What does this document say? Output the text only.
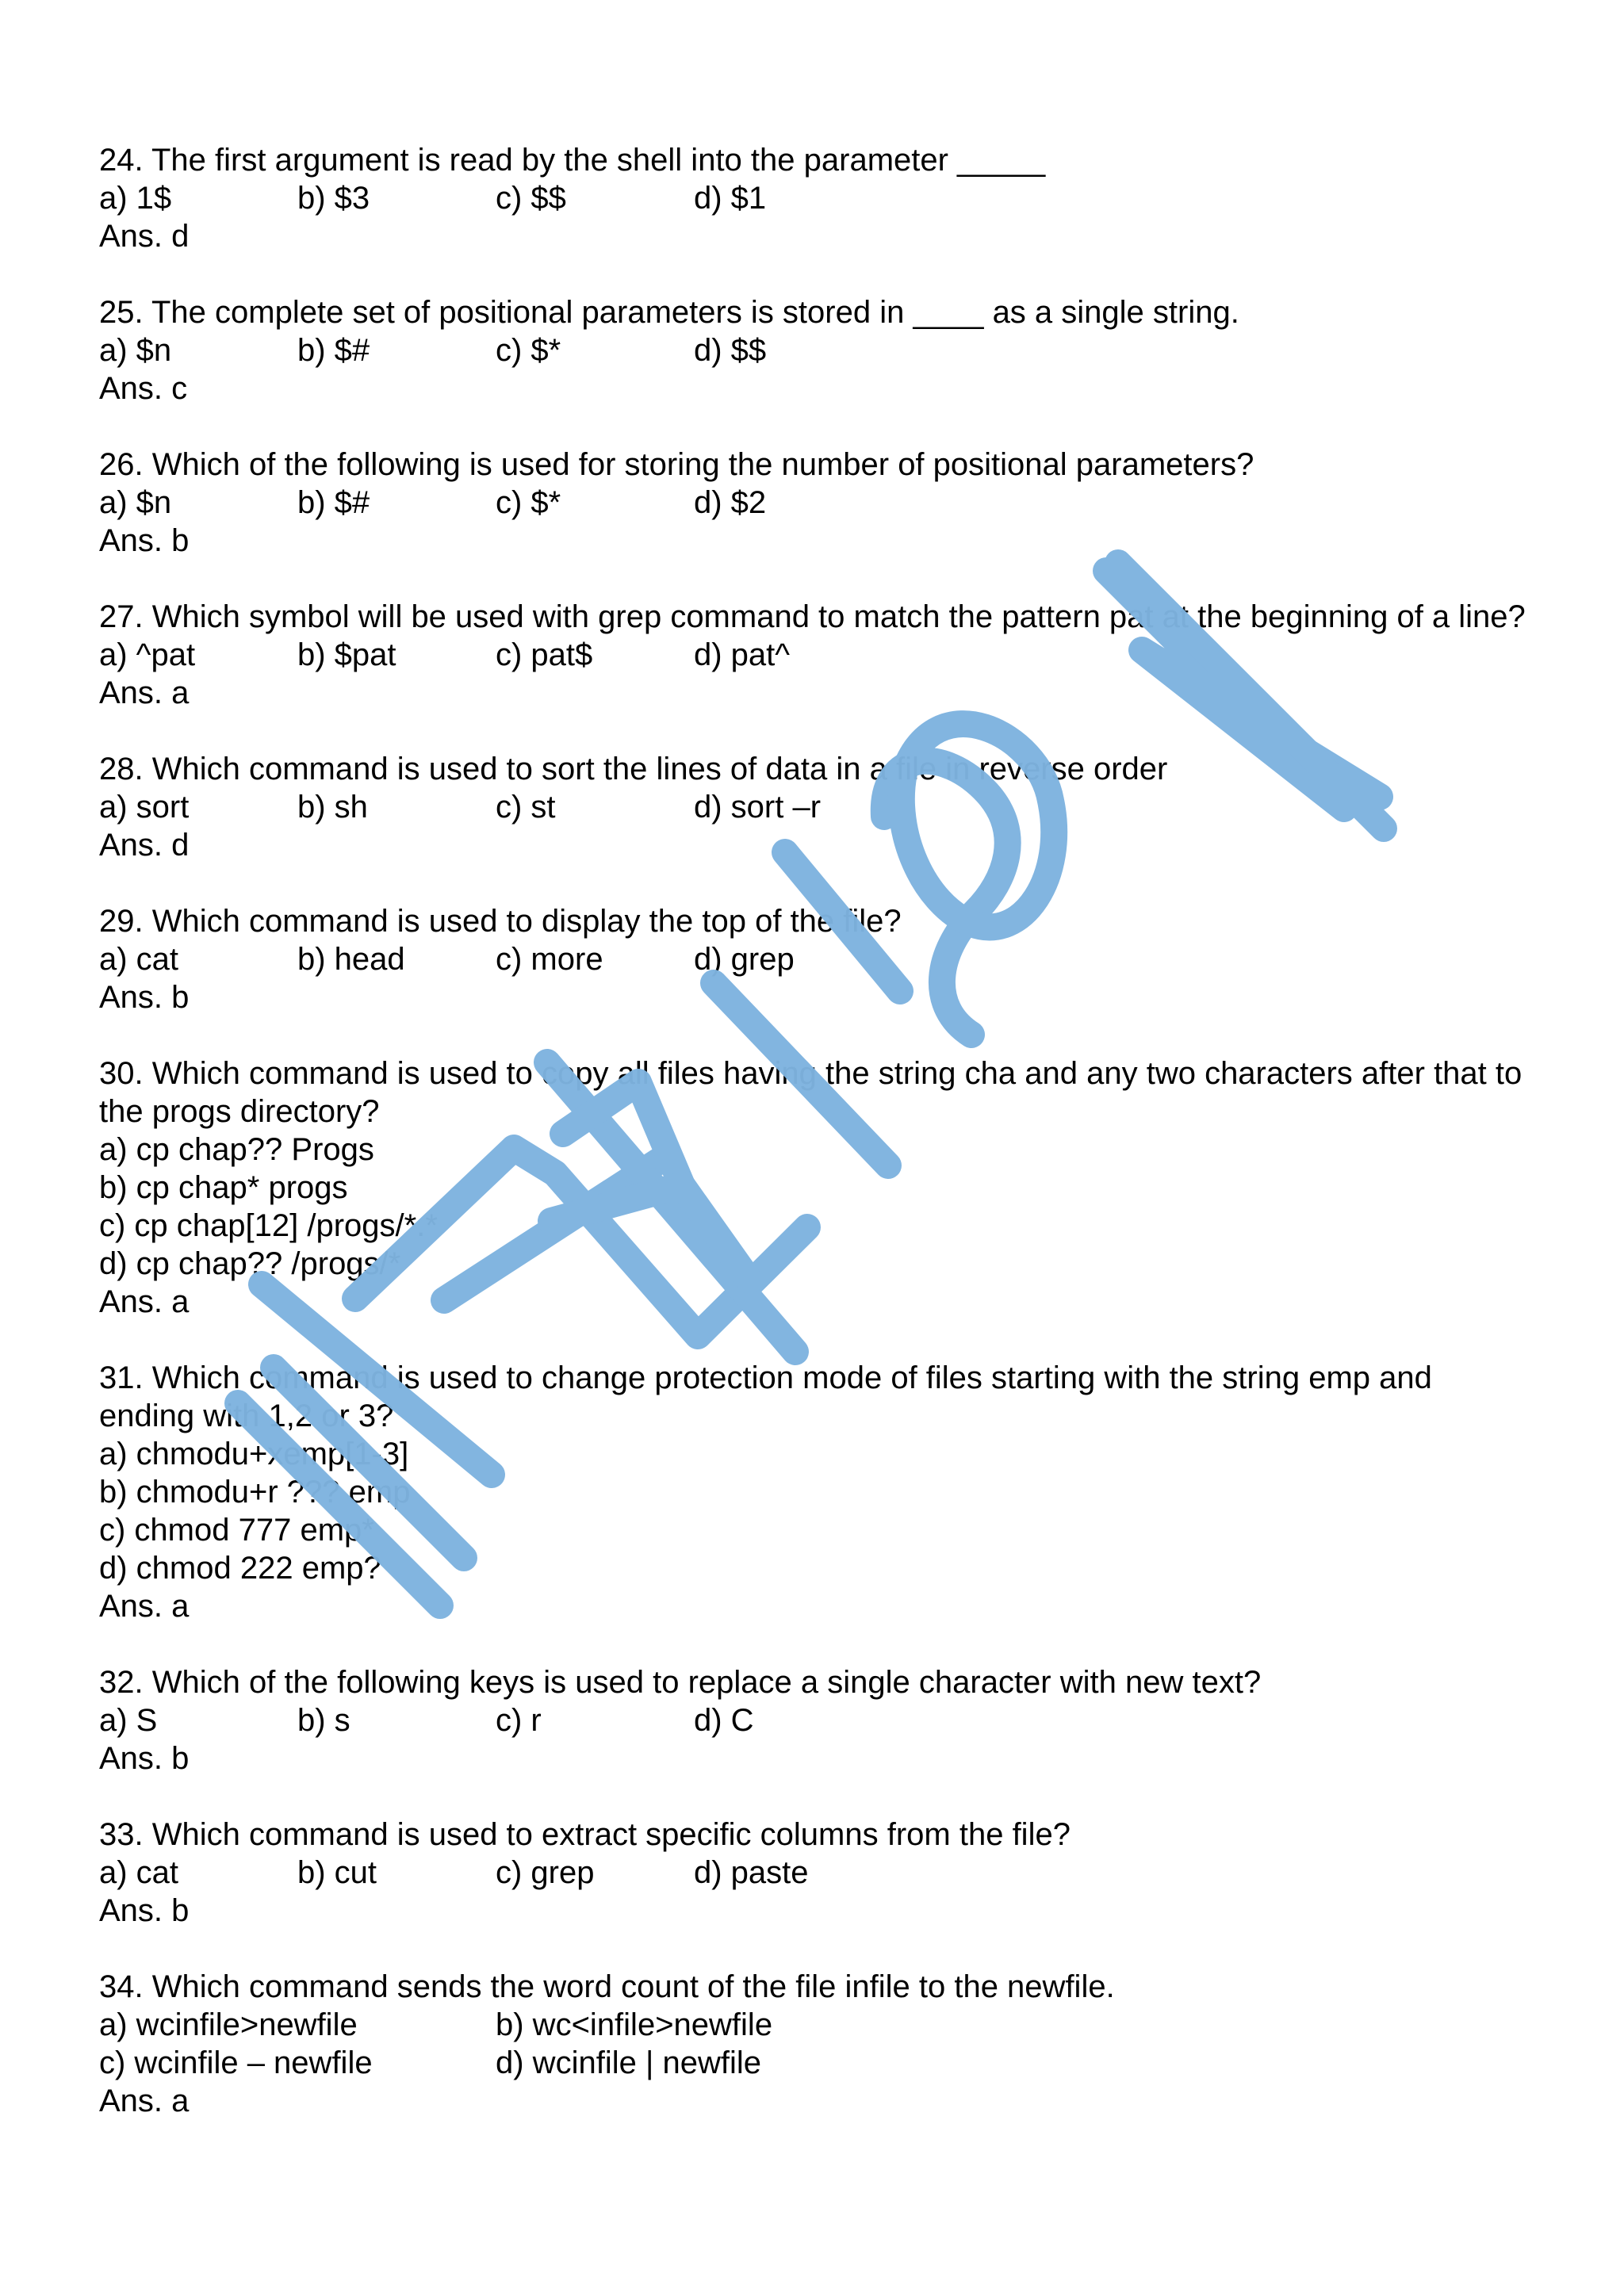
24. The first argument is read by the shell into the parameter _____
a) 1$	b) $3	c) $$	d) $1
Ans. d
25. The complete set of positional parameters is stored in ____ as a single string.
a) $n	b) $#	c) $*	d) $$
Ans. c
26. Which of the following is used for storing the number of positional parameters?
a) $n	b) $#	c) $*	d) $2
Ans. b
27. Which symbol will be used with grep command to match the pattern pat at the beginning of a line?
a) ^pat	b) $pat	c) pat$	d) pat^
Ans. a
28. Which command is used to sort the lines of data in a file in reverse order
a) sort	b) sh	c) st	d) sort –r
Ans. d
29. Which command is used to display the top of the file?
a) cat	b) head	c) more	d) grep
Ans. b
30. Which command is used to copy all files having the string cha and any two characters after that to the progs directory?
a) cp chap?? Progs
b) cp chap* progs
c) cp chap[12] /progs/*.*
d) cp chap?? /progs/*
Ans. a
31. Which command is used to change protection mode of files starting with the string emp and ending with 1,2 or 3?
a) chmodu+xemp[1-3]
b) chmodu+r ??? emp
c) chmod 777 emp*
d) chmod 222 emp?
Ans. a
32. Which of the following keys is used to replace a single character with new text?
a) S	b) s	c) r	d) C
Ans. b
33. Which command is used to extract specific columns from the file?
a) cat	b) cut	c) grep	d) paste
Ans. b
34. Which command sends the word count of the file infile to the newfile.
a) wcinfile>newfile	b) wc<infile>newfile
c) wcinfile – newfile	d) wcinfile | newfile
Ans. a
